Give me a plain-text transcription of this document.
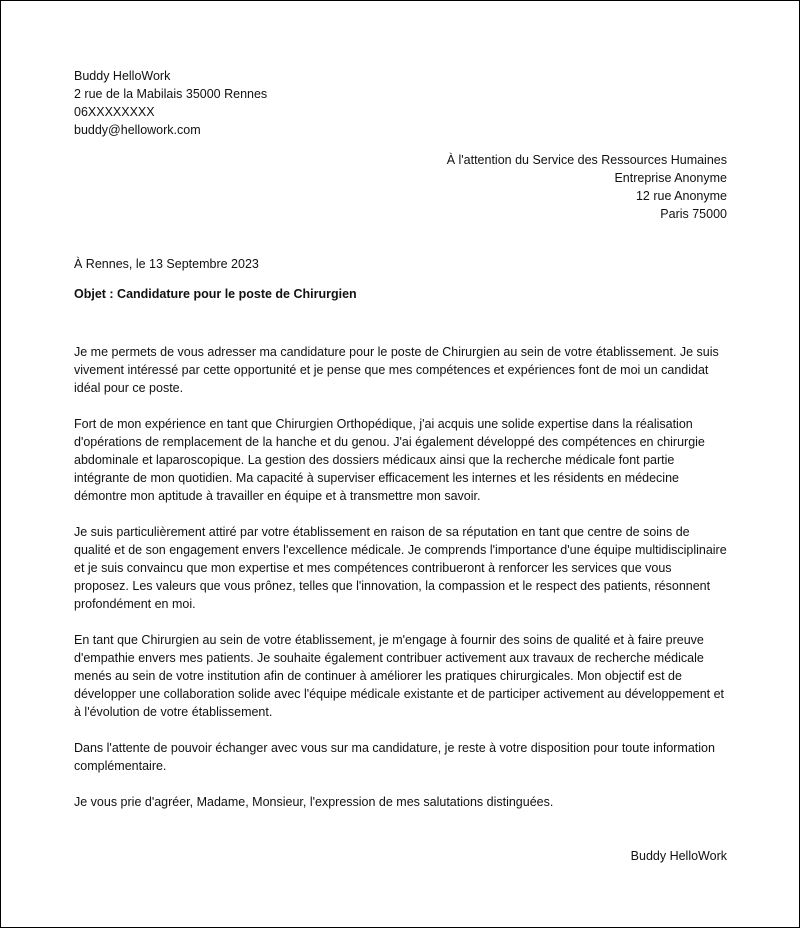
Buddy HelloWork
2 rue de la Mabilais 35000 Rennes
06XXXXXXXX
buddy@hellowork.com
À l'attention du Service des Ressources Humaines
Entreprise Anonyme
12 rue Anonyme
Paris 75000
À Rennes, le 13 Septembre 2023
Objet : Candidature pour le poste de Chirurgien

Je me permets de vous adresser ma candidature pour le poste de Chirurgien au sein de votre établissement. Je suis vivement intéressé par cette opportunité et je pense que mes compétences et expériences font de moi un candidat idéal pour ce poste.

Fort de mon expérience en tant que Chirurgien Orthopédique, j'ai acquis une solide expertise dans la réalisation d'opérations de remplacement de la hanche et du genou. J'ai également développé des compétences en chirurgie abdominale et laparoscopique. La gestion des dossiers médicaux ainsi que la recherche médicale font partie intégrante de mon quotidien. Ma capacité à superviser efficacement les internes et les résidents en médecine démontre mon aptitude à travailler en équipe et à transmettre mon savoir.

Je suis particulièrement attiré par votre établissement en raison de sa réputation en tant que centre de soins de qualité et de son engagement envers l'excellence médicale. Je comprends l'importance d'une équipe multidisciplinaire et je suis convaincu que mon expertise et mes compétences contribueront à renforcer les services que vous proposez. Les valeurs que vous prônez, telles que l'innovation, la compassion et le respect des patients, résonnent profondément en moi.

En tant que Chirurgien au sein de votre établissement, je m'engage à fournir des soins de qualité et à faire preuve d'empathie envers mes patients. Je souhaite également contribuer activement aux travaux de recherche médicale menés au sein de votre institution afin de continuer à améliorer les pratiques chirurgicales. Mon objectif est de développer une collaboration solide avec l'équipe médicale existante et de participer activement au développement et à l'évolution de votre établissement.

Dans l'attente de pouvoir échanger avec vous sur ma candidature, je reste à votre disposition pour toute information complémentaire.

Je vous prie d'agréer, Madame, Monsieur, l'expression de mes salutations distinguées.

Buddy HelloWork
